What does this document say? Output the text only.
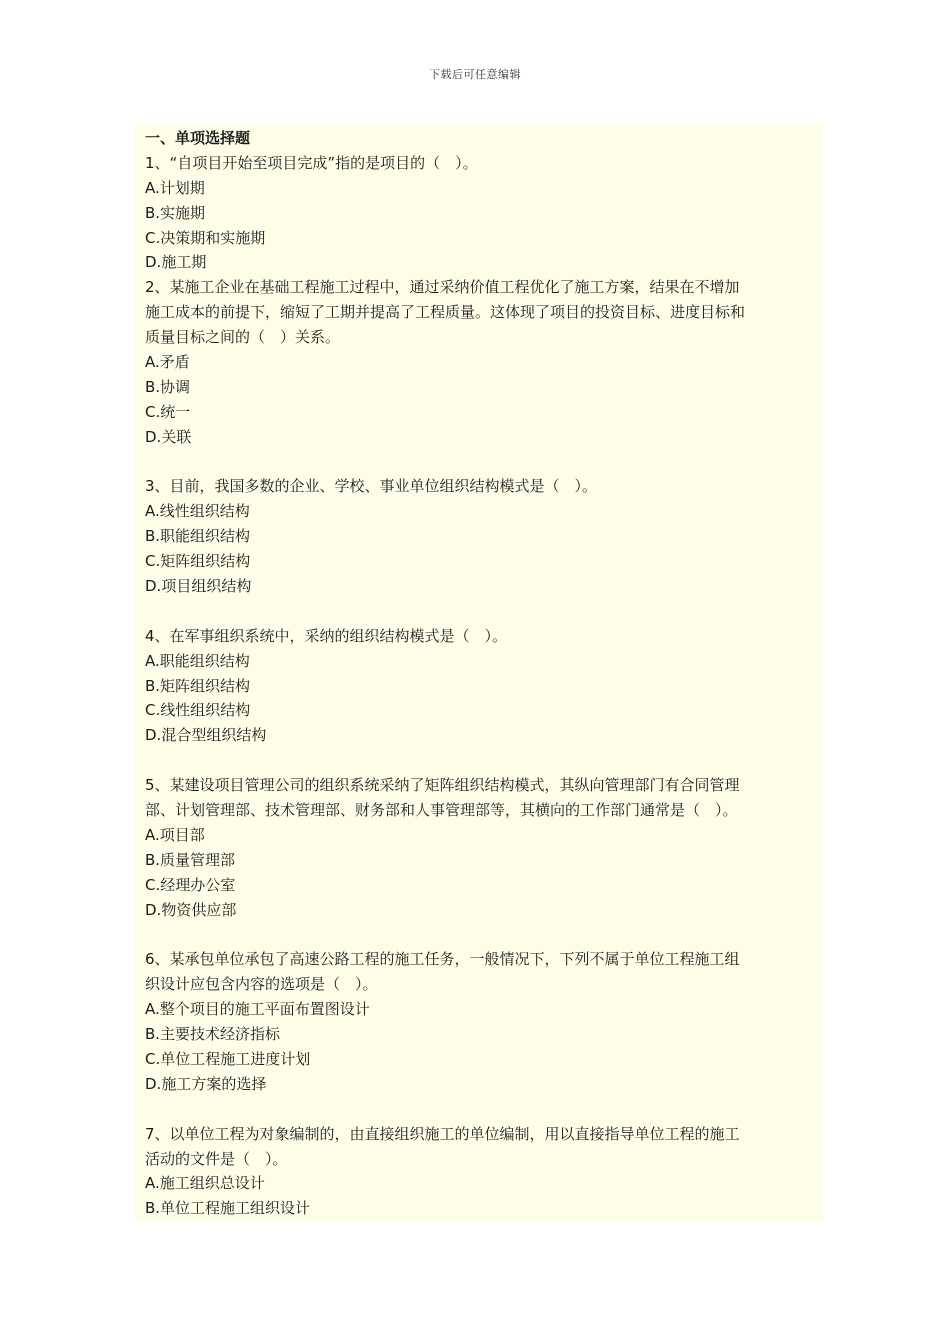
下载后可任意编辑
一、单项选择题
1、“自项目开始至项目完成”指的是项目的（　）。
A.计划期
B.实施期
C.决策期和实施期
D.施工期
2、某施工企业在基础工程施工过程中，通过采纳价值工程优化了施工方案，结果在不增加
施工成本的前提下，缩短了工期并提高了工程质量。这体现了项目的投资目标、进度目标和
质量目标之间的（　）关系。
A.矛盾
B.协调
C.统一
D.关联
3、目前，我国多数的企业、学校、事业单位组织结构模式是（　）。
A.线性组织结构
B.职能组织结构
C.矩阵组织结构
D.项目组织结构
4、在军事组织系统中，采纳的组织结构模式是（　）。
A.职能组织结构
B.矩阵组织结构
C.线性组织结构
D.混合型组织结构
5、某建设项目管理公司的组织系统采纳了矩阵组织结构模式，其纵向管理部门有合同管理
部、计划管理部、技术管理部、财务部和人事管理部等，其横向的工作部门通常是（　）。
A.项目部
B.质量管理部
C.经理办公室
D.物资供应部
6、某承包单位承包了高速公路工程的施工任务，一般情况下，下列不属于单位工程施工组
织设计应包含内容的选项是（　）。
A.整个项目的施工平面布置图设计
B.主要技术经济指标
C.单位工程施工进度计划
D.施工方案的选择
7、以单位工程为对象编制的，由直接组织施工的单位编制，用以直接指导单位工程的施工
活动的文件是（　）。
A.施工组织总设计
B.单位工程施工组织设计
